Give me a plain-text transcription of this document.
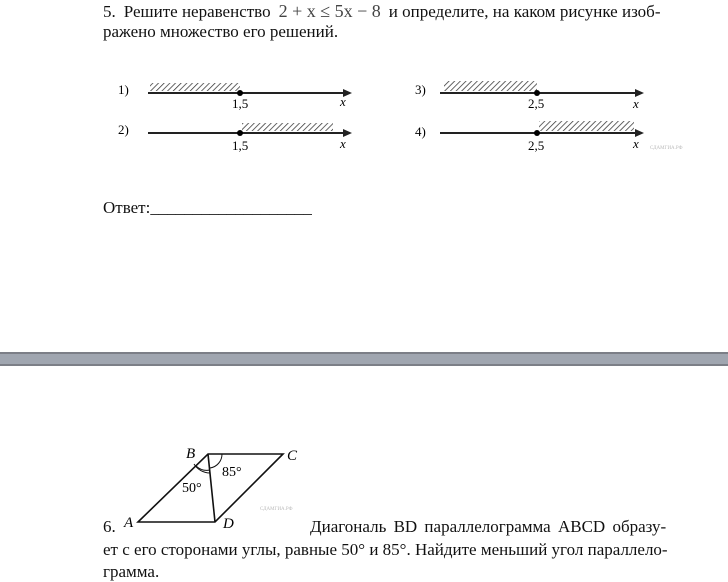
5. Решите неравенство 2 + x ≤ 5x − 8 и определите, на каком рисунке изоб-
ражено множество его решений.
1)
1,5	x
2)
1,5	x
3)
2,5	x
4)
2,5	x СДАМГИА.РФ
Ответ:___________________
B	C
A	D
50°
85°
СДАМГИА.РФ
6.	Диагональ BD параллелограмма ABCD образу-
ет с его сторонами углы, равные 50° и 85°. Найдите меньший угол параллело-
грамма.
